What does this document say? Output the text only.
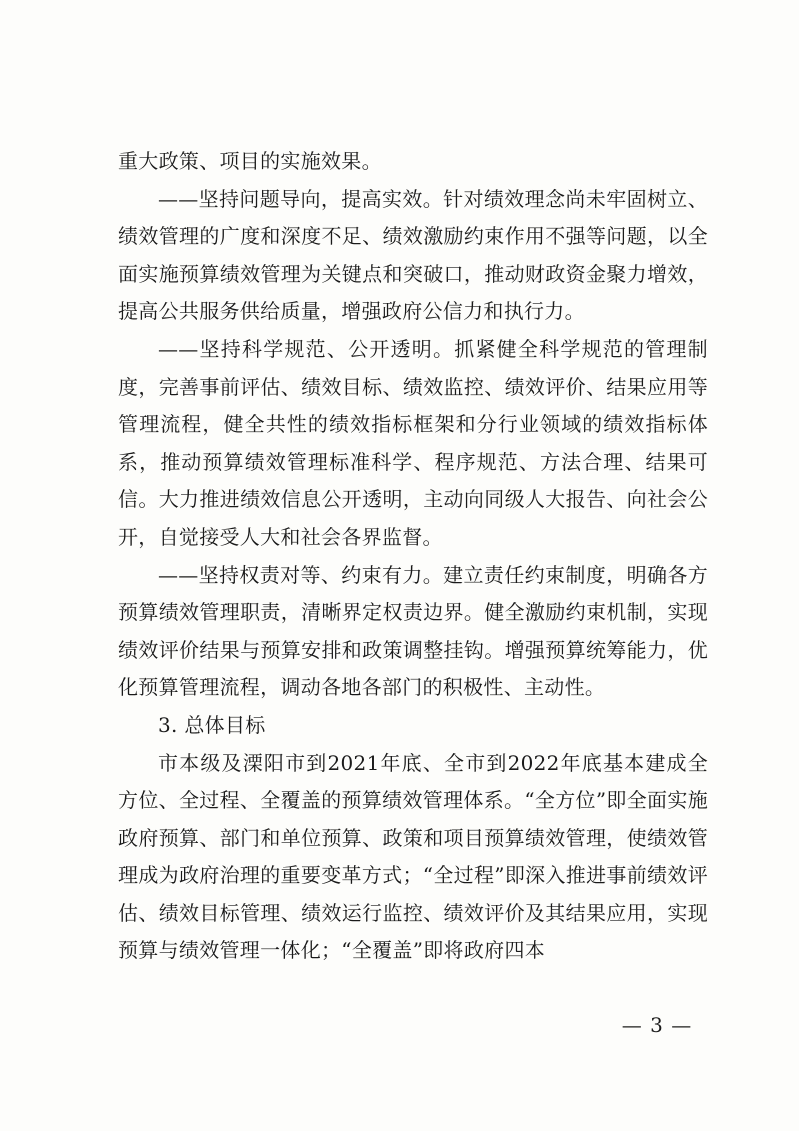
重大政策、项目的实施效果。

——坚持问题导向，提高实效。针对绩效理念尚未牢固树立、绩效管理的广度和深度不足、绩效激励约束作用不强等问题，以全面实施预算绩效管理为关键点和突破口，推动财政资金聚力增效，提高公共服务供给质量，增强政府公信力和执行力。

——坚持科学规范、公开透明。抓紧健全科学规范的管理制度，完善事前评估、绩效目标、绩效监控、绩效评价、结果应用等管理流程，健全共性的绩效指标框架和分行业领域的绩效指标体系，推动预算绩效管理标准科学、程序规范、方法合理、结果可信。大力推进绩效信息公开透明，主动向同级人大报告、向社会公开，自觉接受人大和社会各界监督。

——坚持权责对等、约束有力。建立责任约束制度，明确各方预算绩效管理职责，清晰界定权责边界。健全激励约束机制，实现绩效评价结果与预算安排和政策调整挂钩。增强预算统筹能力，优化预算管理流程，调动各地各部门的积极性、主动性。

3. 总体目标

市本级及溧阳市到2021年底、全市到2022年底基本建成全方位、全过程、全覆盖的预算绩效管理体系。“全方位”即全面实施政府预算、部门和单位预算、政策和项目预算绩效管理，使绩效管理成为政府治理的重要变革方式；“全过程”即深入推进事前绩效评估、绩效目标管理、绩效运行监控、绩效评价及其结果应用，实现预算与绩效管理一体化；“全覆盖”即将政府四本

— 3 —
